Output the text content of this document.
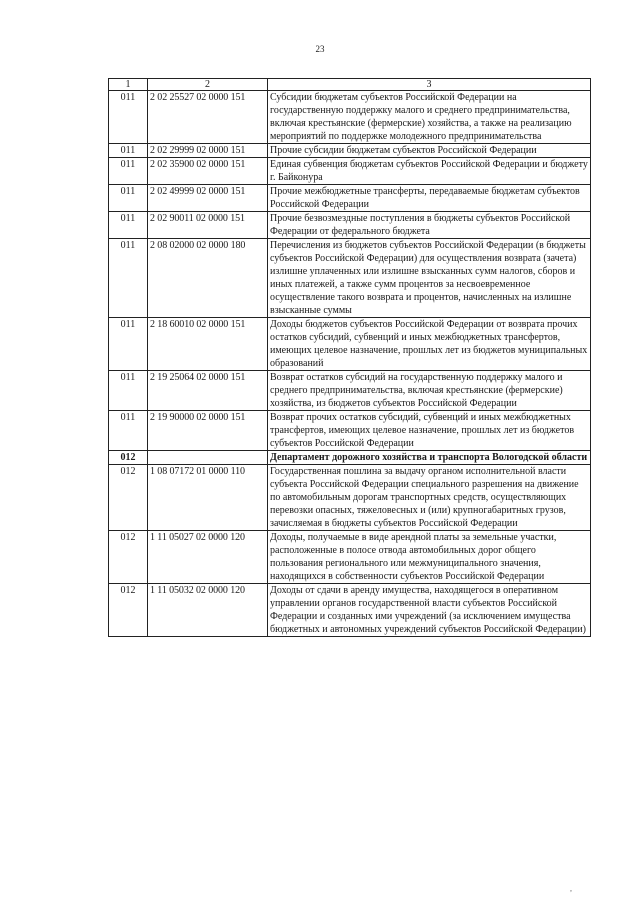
23
1	2	3
011	2 02 25527 02 0000 151	Субсидии бюджетам субъектов Российской Федерации на государственную поддержку малого и среднего предпринимательства, включая крестьянские (фермерские) хозяйства, а также на реализацию мероприятий по поддержке молодежного предпринимательства
011	2 02 29999 02 0000 151	Прочие субсидии бюджетам субъектов Российской Федерации
011	2 02 35900 02 0000 151	Единая субвенция бюджетам субъектов Российской Федерации и бюджету г. Байконура
011	2 02 49999 02 0000 151	Прочие межбюджетные трансферты, передаваемые бюджетам субъектов Российской Федерации
011	2 02 90011 02 0000 151	Прочие безвозмездные поступления в бюджеты субъектов Российской Федерации от федерального бюджета
011	2 08 02000 02 0000 180	Перечисления из бюджетов субъектов Российской Федерации (в бюджеты субъектов Российской Федерации) для осуществления возврата (зачета) излишне уплаченных или излишне взысканных сумм налогов, сборов и иных платежей, а также сумм процентов за несвоевременное осуществление такого возврата и процентов, начисленных на излишне взысканные суммы
011	2 18 60010 02 0000 151	Доходы бюджетов субъектов Российской Федерации от возврата прочих остатков субсидий, субвенций и иных межбюджетных трансфертов, имеющих целевое назначение, прошлых лет из бюджетов муниципальных образований
011	2 19 25064 02 0000 151	Возврат остатков субсидий на государственную поддержку малого и среднего предпринимательства, включая крестьянские (фермерские) хозяйства, из бюджетов субъектов Российской Федерации
011	2 19 90000 02 0000 151	Возврат прочих остатков субсидий, субвенций и иных межбюджетных трансфертов, имеющих целевое назначение, прошлых лет из бюджетов субъектов Российской Федерации
012		Департамент дорожного хозяйства и транспорта Вологодской области
012	1 08 07172 01 0000 110	Государственная пошлина за выдачу органом исполнительной власти субъекта Российской Федерации специального разрешения на движение по автомобильным дорогам транспортных средств, осуществляющих перевозки опасных, тяжеловесных и (или) крупногабаритных грузов, зачисляемая в бюджеты субъектов Российской Федерации
012	1 11 05027 02 0000 120	Доходы, получаемые в виде арендной платы за земельные участки, расположенные в полосе отвода автомобильных дорог общего пользования регионального или межмуниципального значения, находящихся в собственности субъектов Российской Федерации
012	1 11 05032 02 0000 120	Доходы от сдачи в аренду имущества, находящегося в оперативном управлении органов государственной власти субъектов Российской Федерации и созданных ими учреждений (за исключением имущества бюджетных и автономных учреждений субъектов Российской Федерации)
,
